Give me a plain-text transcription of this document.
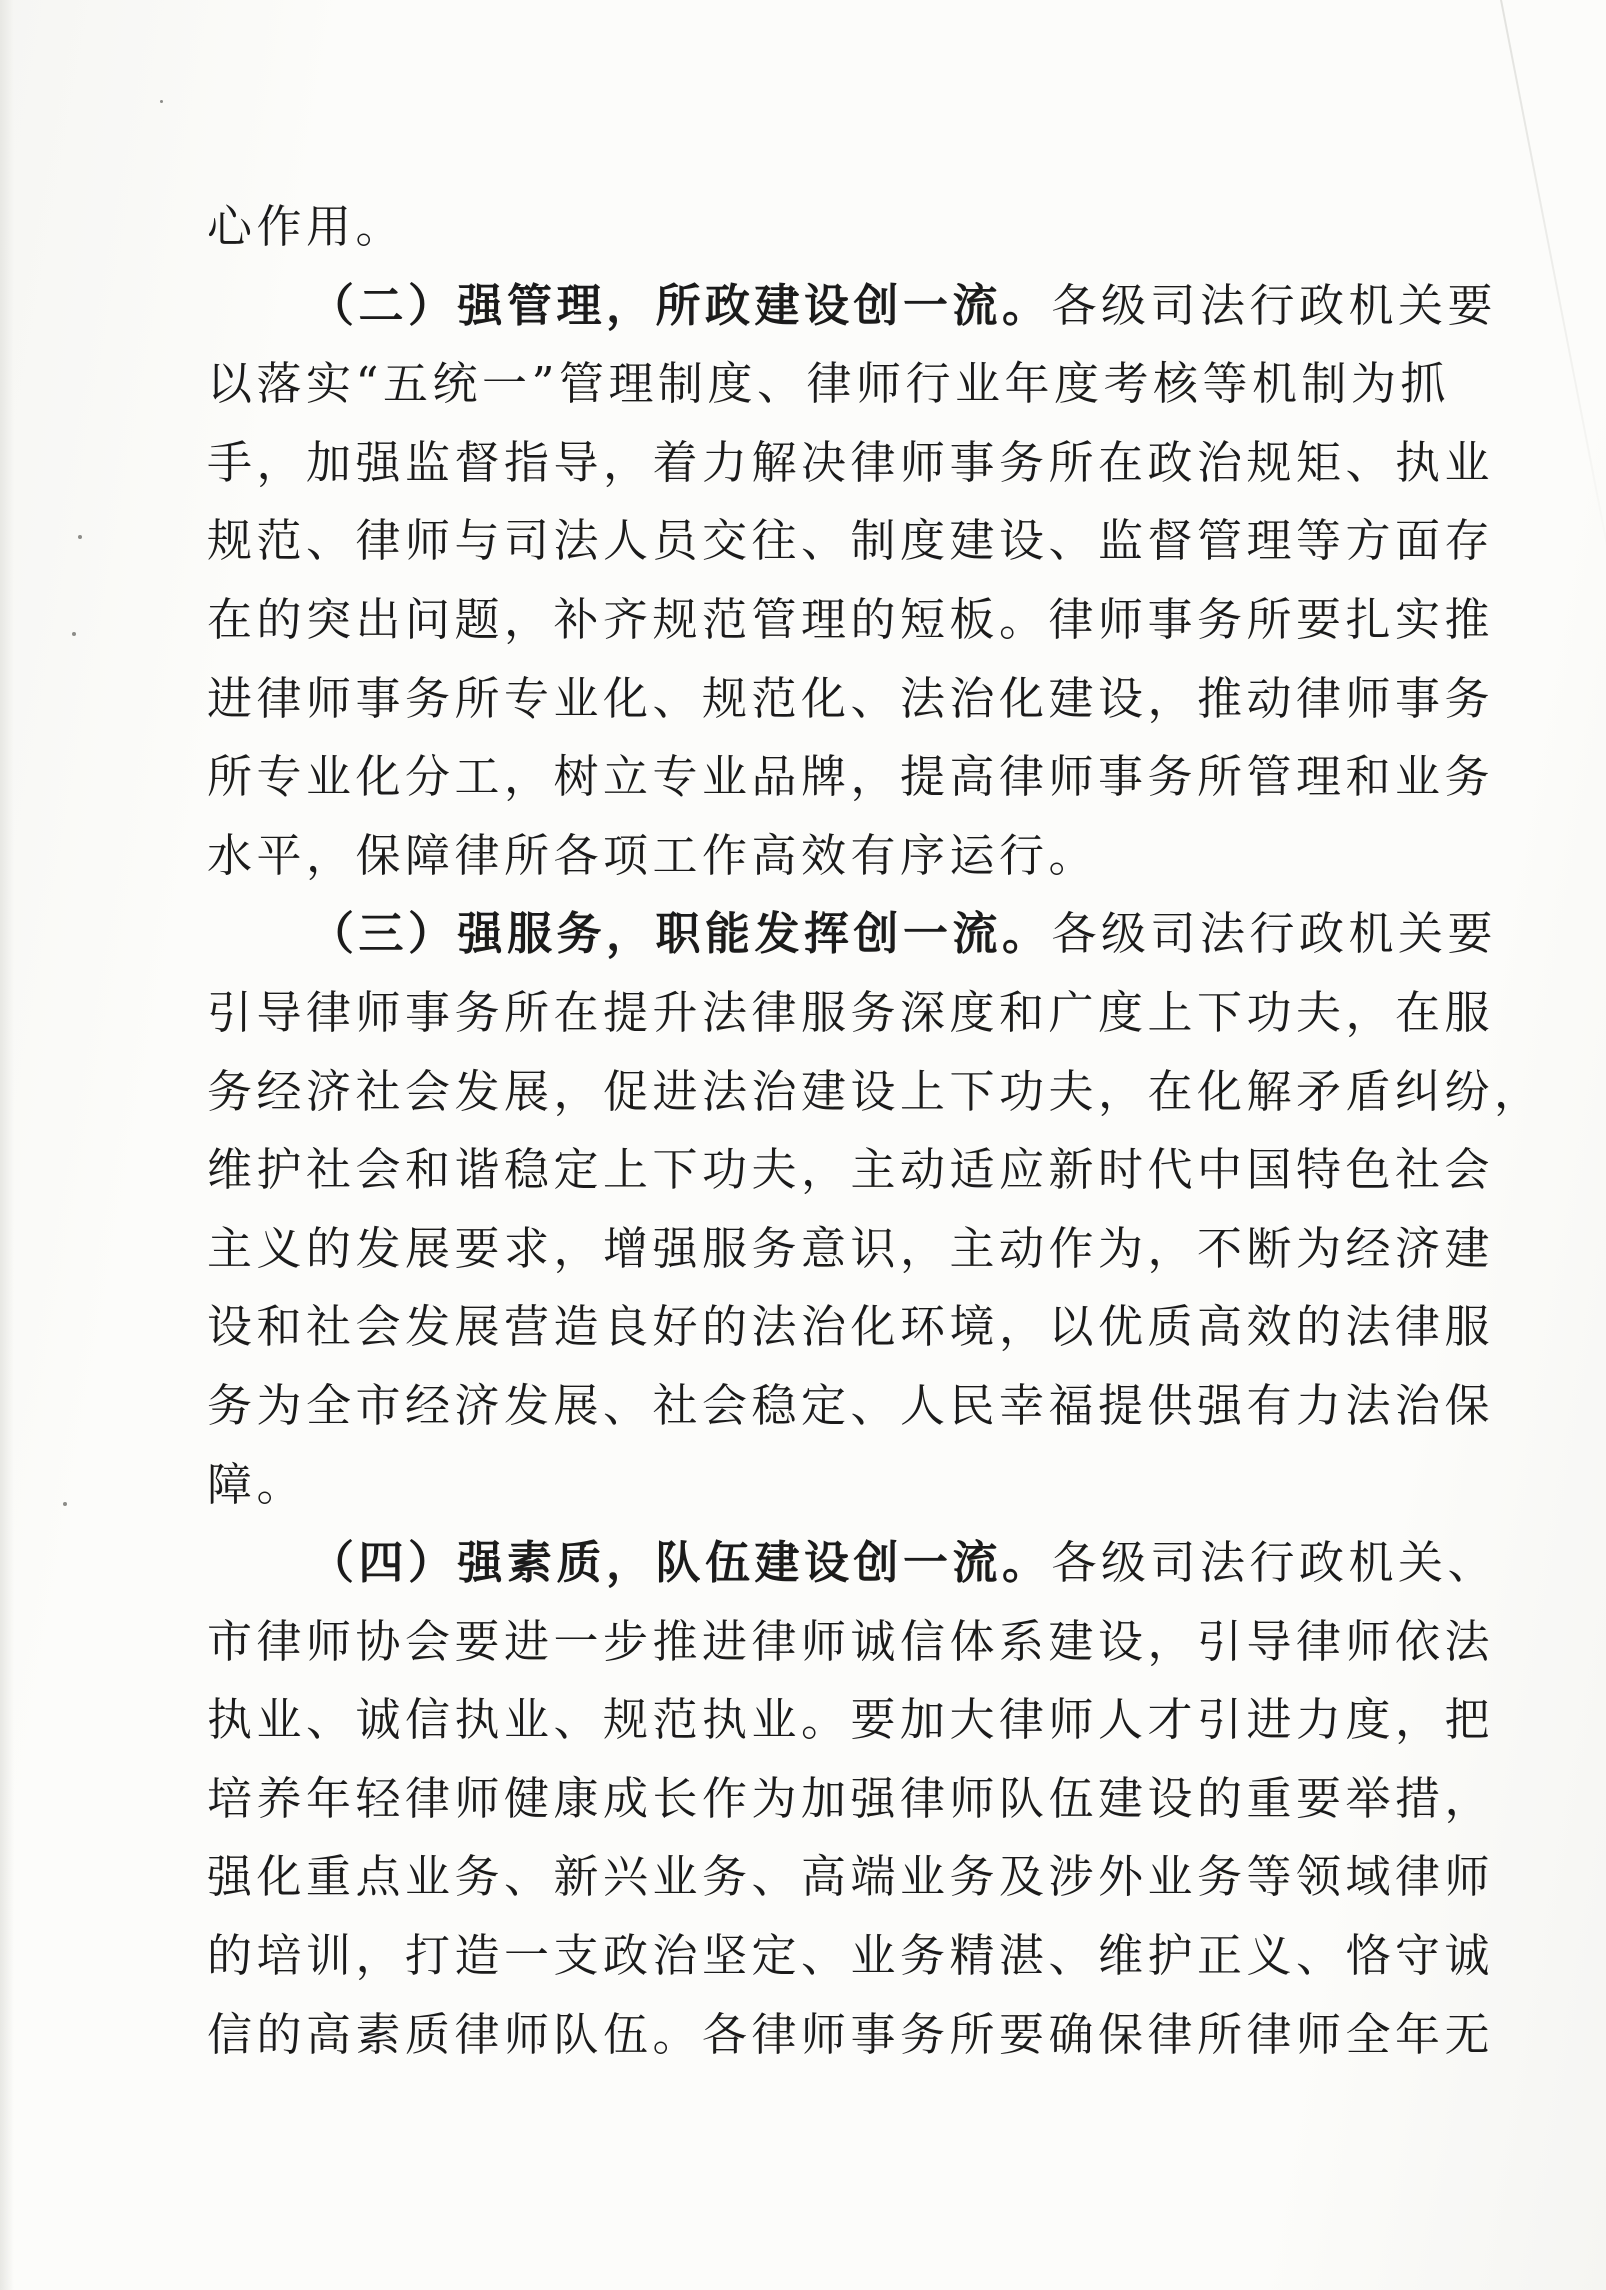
心作用。
（二）强管理，所政建设创一流。各级司法行政机关要
以落实“五统一”管理制度、律师行业年度考核等机制为抓
手，加强监督指导，着力解决律师事务所在政治规矩、执业
规范、律师与司法人员交往、制度建设、监督管理等方面存
在的突出问题，补齐规范管理的短板。律师事务所要扎实推
进律师事务所专业化、规范化、法治化建设，推动律师事务
所专业化分工，树立专业品牌，提高律师事务所管理和业务
水平，保障律所各项工作高效有序运行。
（三）强服务，职能发挥创一流。各级司法行政机关要
引导律师事务所在提升法律服务深度和广度上下功夫，在服
务经济社会发展，促进法治建设上下功夫，在化解矛盾纠纷，
维护社会和谐稳定上下功夫，主动适应新时代中国特色社会
主义的发展要求，增强服务意识，主动作为，不断为经济建
设和社会发展营造良好的法治化环境，以优质高效的法律服
务为全市经济发展、社会稳定、人民幸福提供强有力法治保
障。
（四）强素质，队伍建设创一流。各级司法行政机关、
市律师协会要进一步推进律师诚信体系建设，引导律师依法
执业、诚信执业、规范执业。要加大律师人才引进力度，把
培养年轻律师健康成长作为加强律师队伍建设的重要举措，
强化重点业务、新兴业务、高端业务及涉外业务等领域律师
的培训，打造一支政治坚定、业务精湛、维护正义、恪守诚
信的高素质律师队伍。各律师事务所要确保律所律师全年无
